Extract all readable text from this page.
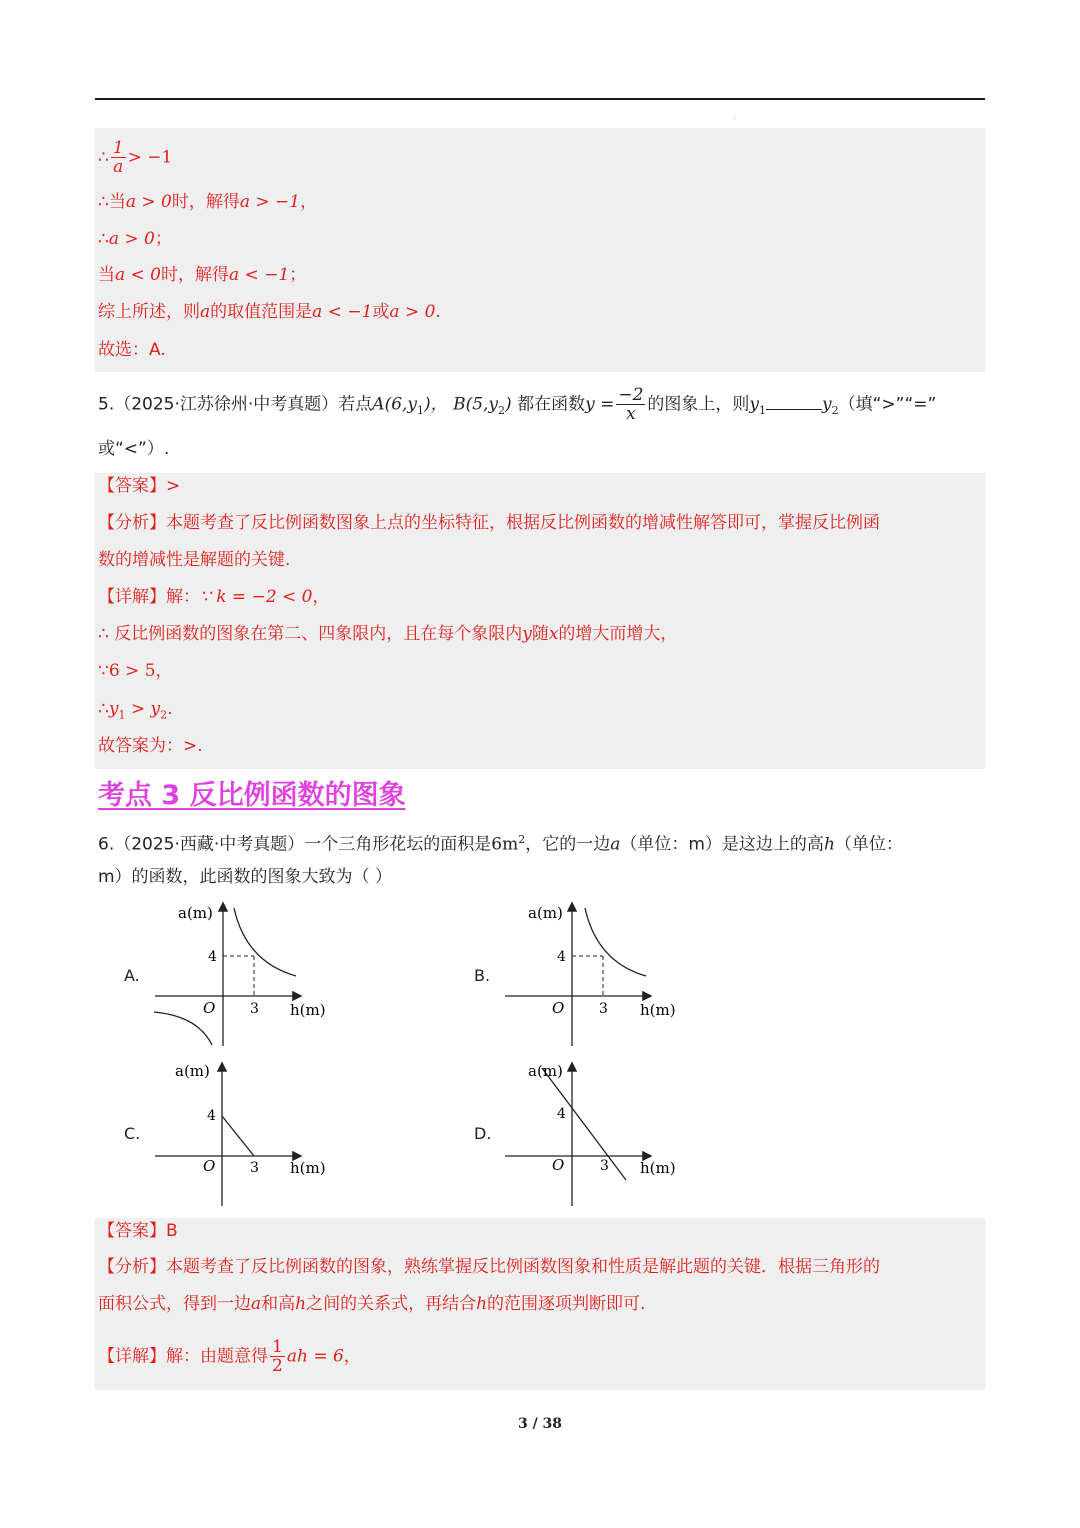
.
∴ $\frac{1}{a} > -1$
∴当a > 0时，解得a > −1，
∴a > 0；
当a < 0时，解得a < −1；
综上所述，则a的取值范围是a < −1或a > 0.
故选：A.
5.（2025·江苏徐州·中考真题）若点$A(6,y_1)$， $B(5,y_2)$ 都在函数$y = \frac{-2}{x}$ 的图象上，则$y_1$	$y_2$（填“>”“=”
或“<”）.
【答案】>
【分析】本题考查了反比例函数图象上点的坐标特征，根据反比例函数的增减性解答即可，掌握反比例函
数的增减性是解题的关键.
【详解】解：∵ k = −2 < 0，
∴ 反比例函数的图象在第二、四象限内，且在每个象限内y随x的增大而增大，
∵6 > 5，
$\therefore y_1 > y_2$.
故答案为：>.
考点 3 反比例函数的图象
6.（2025·西藏·中考真题）一个三角形花坛的面积是$6m^2$，它的一边a（单位：m）是这边上的高h（单位：
m）的函数，此函数的图象大致为（ ）
A.
4
3
O
a(m)
h(m)
B.
4
3
O
a(m)
h(m)
C.
4
3
O
a(m)
h(m)
D.
4
3
O
a(m)
h(m)
【答案】B
【分析】本题考查了反比例函数的图象，熟练掌握反比例函数图象和性质是解此题的关键．根据三角形的
面积公式，得到一边a和高h之间的关系式，再结合h的范围逐项判断即可.
【详解】解：由题意得 $\frac{1}{2}$ ah = 6，
3 / 38
